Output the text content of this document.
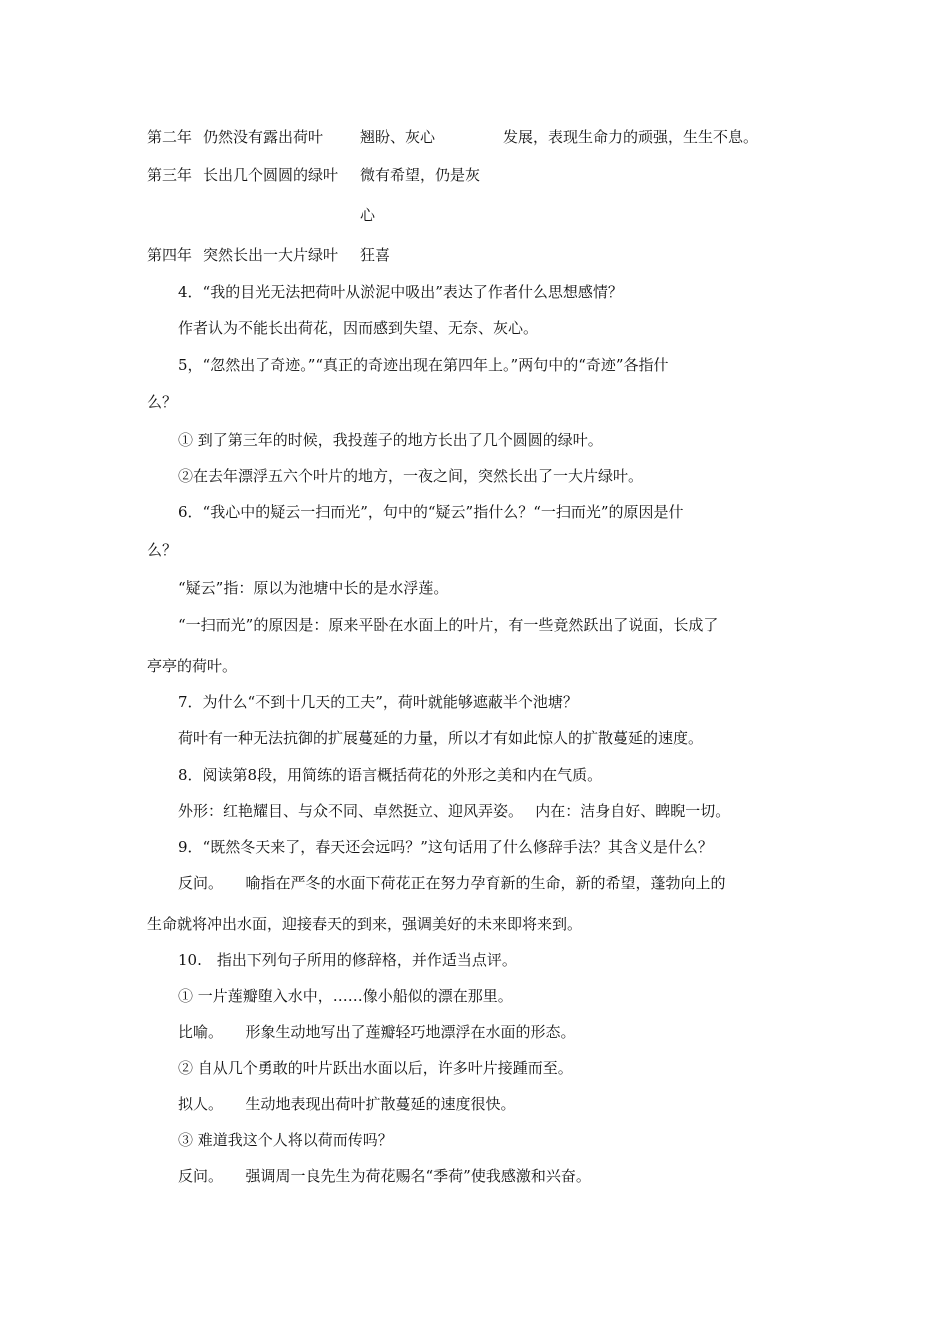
第二年 仍然没有露出荷叶 翘盼、灰心	发展，表现生命力的顽强，生生不息。
第三年 长出几个圆圆的绿叶 微有希望，仍是灰
心
第四年 突然长出一大片绿叶 狂喜
4．“我的目光无法把荷叶从淤泥中吸出”表达了作者什么思想感情？
作者认为不能长出荷花，因而感到失望、无奈、灰心。
5，“忽然出了奇迹。”“真正的奇迹出现在第四年上。”两句中的“奇迹”各指什
么？
① 到了第三年的时候，我投莲子的地方长出了几个圆圆的绿叶。
②在去年漂浮五六个叶片的地方，一夜之间，突然长出了一大片绿叶。
6．“我心中的疑云一扫而光”，句中的“疑云”指什么？“一扫而光”的原因是什
么？
“疑云”指：原以为池塘中长的是水浮莲。
“一扫而光”的原因是：原来平卧在水面上的叶片，有一些竟然跃出了说面，长成了
亭亭的荷叶。
7．为什么“不到十几天的工夫”，荷叶就能够遮蔽半个池塘？
荷叶有一种无法抗御的扩展蔓延的力量，所以才有如此惊人的扩散蔓延的速度。
8．阅读第8段，用简练的语言概括荷花的外形之美和内在气质。
外形：红艳耀目、与众不同、卓然挺立、迎风弄姿。　 内在：洁身自好、睥睨一切。
9．“既然冬天来了，春天还会远吗？”这句话用了什么修辞手法？其含义是什么？
反问。　　喻指在严冬的水面下荷花正在努力孕育新的生命，新的希望，蓬勃向上的
生命就将冲出水面，迎接春天的到来，强调美好的未来即将来到。
10.　指出下列句子所用的修辞格，并作适当点评。
① 一片莲瓣堕入水中，……像小船似的漂在那里。
比喻。　　形象生动地写出了莲瓣轻巧地漂浮在水面的形态。
② 自从几个勇敢的叶片跃出水面以后，许多叶片接踵而至。
拟人。　　生动地表现出荷叶扩散蔓延的速度很快。
③ 难道我这个人将以荷而传吗？
反问。　　强调周一良先生为荷花赐名“季荷”使我感激和兴奋。
